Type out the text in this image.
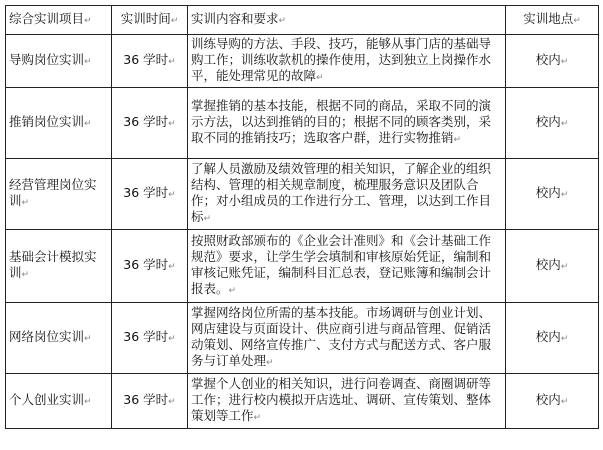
综合实训项目↵	实训时间↵	实训内容和要求↵	实训地点↵
导购岗位实训↵	36 学时↵	训练导购的方法、手段、技巧，能够从事门店的基础导购工作；训练收款机的操作使用，达到独立上岗操作水平，能处理常见的故障↵	校内↵
推销岗位实训↵	36 学时↵	掌握推销的基本技能，根据不同的商品，采取不同的演示方法，以达到推销的目的；根据不同的顾客类别，采取不同的推销技巧；选取客户群，进行实物推销↵	校内↵
经营管理岗位实训↵	36 学时↵	了解人员激励及绩效管理的相关知识，了解企业的组织结构、管理的相关规章制度，梳理服务意识及团队合作；对小组成员的工作进行分工、管理，以达到工作目标↵	校内↵
基础会计模拟实训↵	36 学时↵	按照财政部颁布的《企业会计准则》和《会计基础工作规范》要求，让学生学会填制和审核原始凭证，编制和审核记账凭证，编制科目汇总表，登记账簿和编制会计报表。↵	校内↵
网络岗位实训↵	36 学时↵	掌握网络岗位所需的基本技能。市场调研与创业计划、网店建设与页面设计、供应商引进与商品管理、促销活动策划、网络宣传推广、支付方式与配送方式、客户服务与订单处理↵	校内↵
个人创业实训↵	36 学时↵	掌握个人创业的相关知识，进行问卷调查、商圈调研等工作；进行校内模拟开店选址、调研、宣传策划、整体策划等工作↵	校内↵
